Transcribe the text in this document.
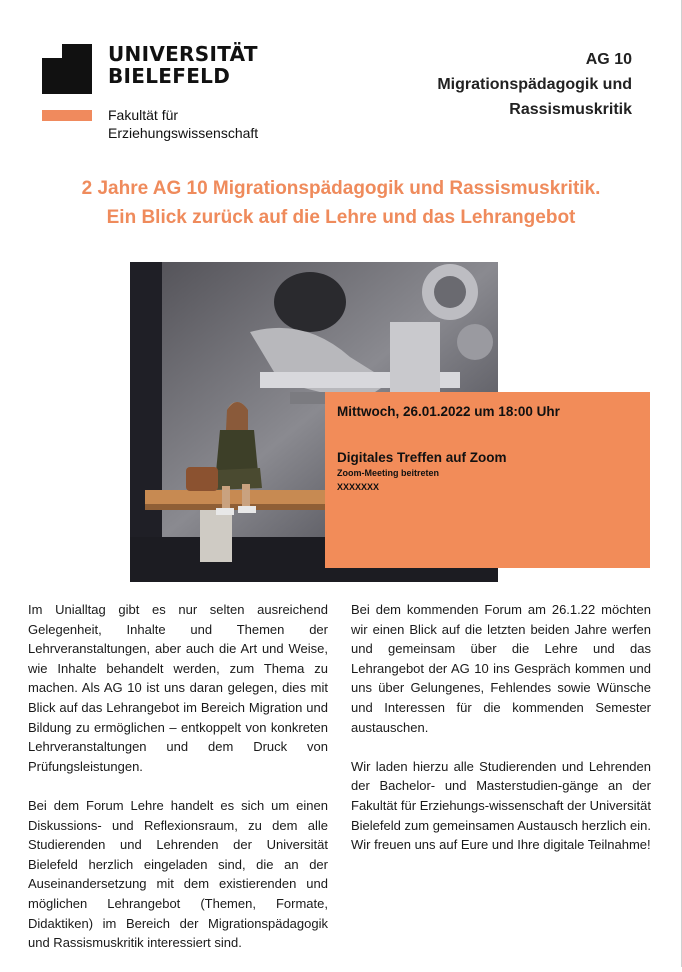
UNIVERSITÄT
BIELEFELD
Fakultät für
Erziehungswissenschaft
AG 10
Migrationspädagogik und
Rassismuskritik
2 Jahre AG 10 Migrationspädagogik und Rassismuskritik.
Ein Blick zurück auf die Lehre und das Lehrangebot
Mittwoch, 26.01.2022 um 18:00 Uhr
Digitales Treffen auf Zoom
Zoom-Meeting beitreten
XXXXXXX

Im Unialltag gibt es nur selten ausreichend Gelegenheit, Inhalte und Themen der Lehrveranstaltungen, aber auch die Art und Weise, wie Inhalte behandelt werden, zum Thema zu machen. Als AG 10 ist uns daran gelegen, dies mit Blick auf das Lehrangebot im Bereich Migration und Bildung zu ermöglichen – entkoppelt von konkreten Lehrveranstaltungen und dem Druck von Prüfungsleistungen.

Bei dem Forum Lehre handelt es sich um einen Diskussions- und Reflexionsraum, zu dem alle Studierenden und Lehrenden der Universität Bielefeld herzlich eingeladen sind, die an der Auseinandersetzung mit dem existierenden und möglichen Lehrangebot (Themen, Formate, Didaktiken) im Bereich der Migrationspädagogik und Rassismuskritik interessiert sind.

Bei dem kommenden Forum am 26.1.22 möchten wir einen Blick auf die letzten beiden Jahre werfen und gemeinsam über die Lehre und das Lehrangebot der AG 10 ins Gespräch kommen und uns über Gelungenes, Fehlendes sowie Wünsche und Interessen für die kommenden Semester austauschen.

Wir laden hierzu alle Studierenden und Lehrenden der Bachelor- und Masterstudien-gänge an der Fakultät für Erziehungs-wissenschaft der Universität Bielefeld zum gemeinsamen Austausch herzlich ein. Wir freuen uns auf Eure und Ihre digitale Teilnahme!
